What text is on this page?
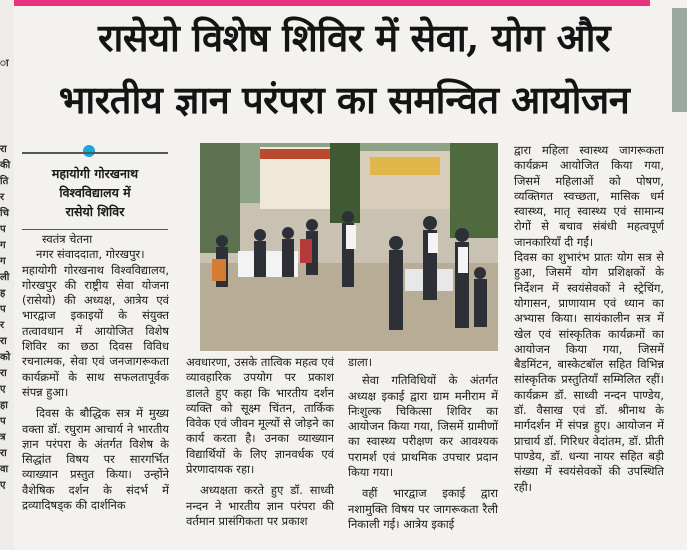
ा
रा
की
ति
र
चि
प
ग
ग
ली
ह
प
र
रा
को
रा
ए
हा
प
त्र
रा
वा
ए
रासेयो विशेष शिविर में सेवा, योग और
भारतीय ज्ञान परंपरा का समन्वित आयोजन
महायोगी गोरखनाथ
विश्वविद्यालय में
रासेयो शिविर

स्वतंत्र चेतना

नगर संवाददाता, गोरखपुर।

महायोगी गोरखनाथ विश्वविद्यालय, गोरखपुर की राष्ट्रीय सेवा योजना (रासेयो) की अध्यक्ष, आत्रेय एवं भारद्वाज इकाइयों के संयुक्त तत्वावधान में आयोजित विशेष शिविर का छठा दिवस विविध रचनात्मक, सेवा एवं जनजागरूकता कार्यक्रमों के साथ सफलतापूर्वक संपन्न हुआ।

दिवस के बौद्धिक सत्र में मुख्य वक्ता डॉ. रघुराम आचार्य ने भारतीय ज्ञान परंपरा के अंतर्गत विशेष के सिद्धांत विषय पर सारगर्भित व्याख्यान प्रस्तुत किया। उन्होंने वैशेषिक दर्शन के संदर्भ में द्रव्यादिषड्क की दार्शनिक

अवधारणा, उसके तात्विक महत्व एवं व्यावहारिक उपयोग पर प्रकाश डालते हुए कहा कि भारतीय दर्शन व्यक्ति को सूक्ष्म चिंतन, तार्किक विवेक एवं जीवन मूल्यों से जोड़ने का कार्य करता है। उनका व्याख्यान विद्यार्थियों के लिए ज्ञानवर्धक एवं प्रेरणादायक रहा।

अध्यक्षता करते हुए डॉ. साध्वी नन्दन ने भारतीय ज्ञान परंपरा की वर्तमान प्रासंगिकता पर प्रकाश

डाला।

सेवा गतिविधियों के अंतर्गत अध्यक्ष इकाई द्वारा ग्राम मनीराम में निःशुल्क चिकित्सा शिविर का आयोजन किया गया, जिसमें ग्रामीणों का स्वास्थ्य परीक्षण कर आवश्यक परामर्श एवं प्राथमिक उपचार प्रदान किया गया।

वहीं भारद्वाज इकाई द्वारा नशामुक्ति विषय पर जागरूकता रैली निकाली गई। आत्रेय इकाई

द्वारा महिला स्वास्थ्य जागरूकता कार्यक्रम आयोजित किया गया, जिसमें महिलाओं को पोषण, व्यक्तिगत स्वच्छता, मासिक धर्म स्वास्थ्य, मातृ स्वास्थ्य एवं सामान्य रोगों से बचाव संबंधी महत्वपूर्ण जानकारियाँ दी गईं।

दिवस का शुभारंभ प्रातः योग सत्र से हुआ, जिसमें योग प्रशिक्षकों के निर्देशन में स्वयंसेवकों ने स्ट्रेचिंग, योगासन, प्राणायाम एवं ध्यान का अभ्यास किया। सायंकालीन सत्र में खेल एवं सांस्कृतिक कार्यक्रमों का आयोजन किया गया, जिसमें बैडमिंटन, बास्केटबॉल सहित विभिन्न सांस्कृतिक प्रस्तुतियाँ सम्मिलित रहीं। कार्यक्रम डॉ. साध्वी नन्दन पाण्डेय, डॉ. वैसाख एवं डॉ. श्रीनाथ के मार्गदर्शन में संपन्न हुए। आयोजन में प्राचार्य डॉ. गिरिधर वेदांतम, डॉ. प्रीती पाण्डेय, डॉ. धन्या नायर सहित बड़ी संख्या में स्वयंसेवकों की उपस्थिति रही।
